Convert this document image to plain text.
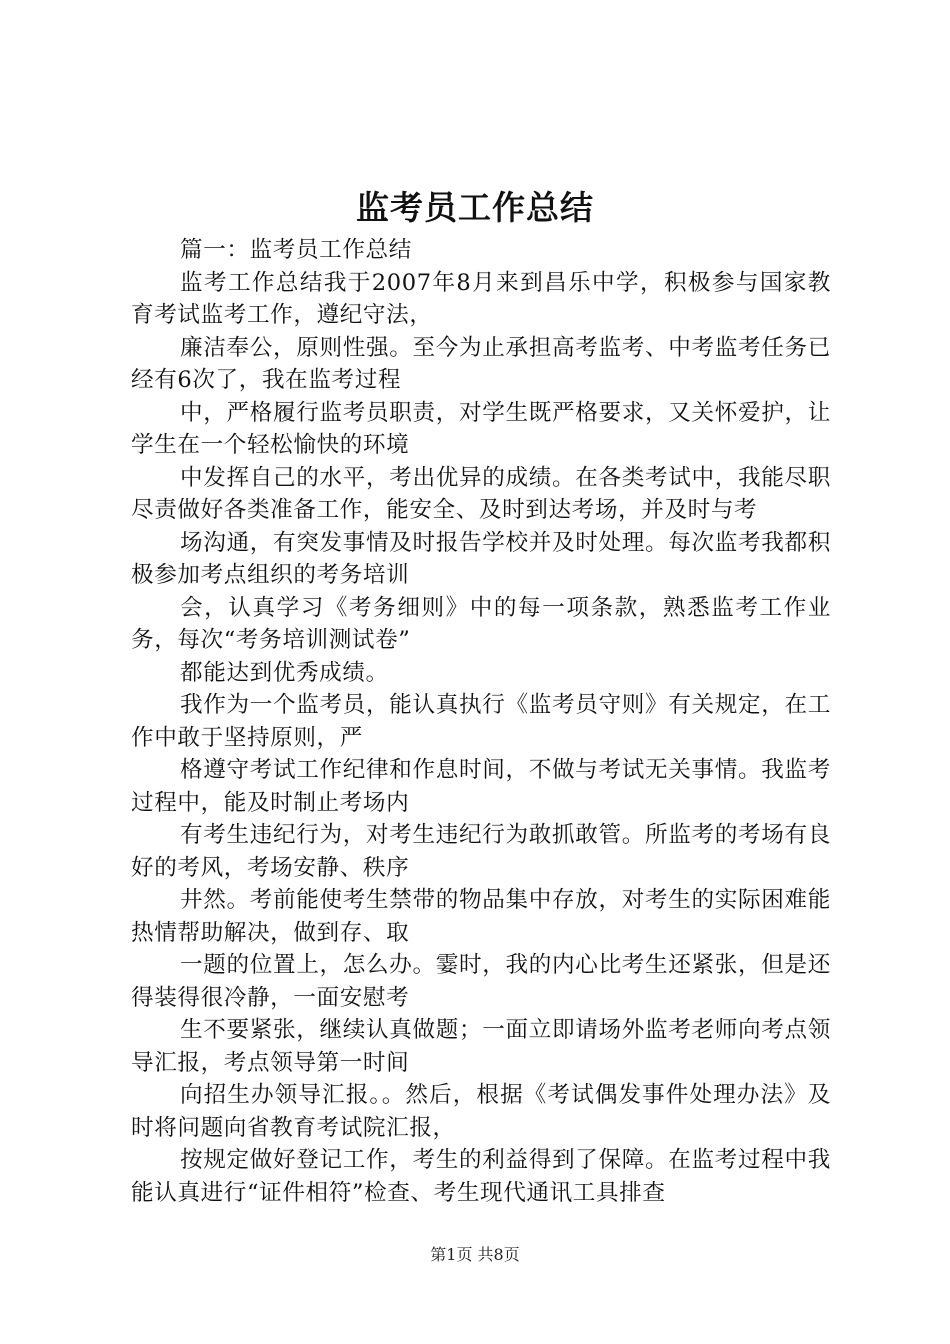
监考员工作总结

篇一：监考员工作总结

监考工作总结我于2007年8月来到昌乐中学，积极参与国家教育考试监考工作，遵纪守法，

廉洁奉公，原则性强。至今为止承担高考监考、中考监考任务已经有6次了，我在监考过程

中，严格履行监考员职责，对学生既严格要求，又关怀爱护，让学生在一个轻松愉快的环境

中发挥自己的水平，考出优异的成绩。在各类考试中，我能尽职尽责做好各类准备工作，能安全、及时到达考场，并及时与考

场沟通，有突发事情及时报告学校并及时处理。每次监考我都积极参加考点组织的考务培训

会，认真学习《考务细则》中的每一项条款，熟悉监考工作业务，每次“考务培训测试卷”

都能达到优秀成绩。

我作为一个监考员，能认真执行《监考员守则》有关规定，在工作中敢于坚持原则，严

格遵守考试工作纪律和作息时间，不做与考试无关事情。我监考过程中，能及时制止考场内

有考生违纪行为，对考生违纪行为敢抓敢管。所监考的考场有良好的考风，考场安静、秩序

井然。考前能使考生禁带的物品集中存放，对考生的实际困难能热情帮助解决，做到存、取

一题的位置上，怎么办。霎时，我的内心比考生还紧张，但是还得装得很冷静，一面安慰考

生不要紧张，继续认真做题；一面立即请场外监考老师向考点领导汇报，考点领导第一时间

向招生办领导汇报。。然后，根据《考试偶发事件处理办法》及时将问题向省教育考试院汇报，

按规定做好登记工作，考生的利益得到了保障。在监考过程中我能认真进行“证件相符”检查、考生现代通讯工具排查

第1页 共8页
